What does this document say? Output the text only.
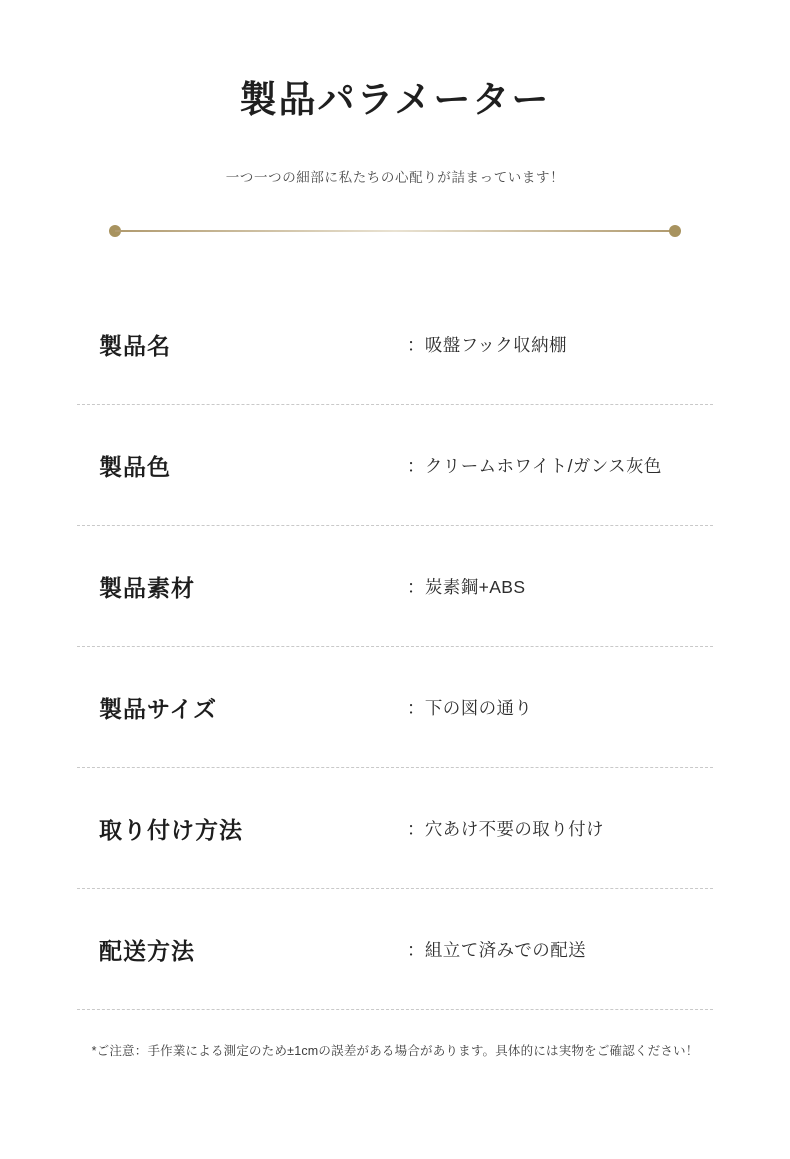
製品パラメーター
一つ一つの細部に私たちの心配りが詰まっています！
製品名	：吸盤フック収納棚
製品色	：クリームホワイト/ガンス灰色
製品素材	：炭素鋼+ABS
製品サイズ	：下の図の通り
取り付け方法	：穴あけ不要の取り付け
配送方法	：組立て済みでの配送
*ご注意：手作業による測定のため±1cmの誤差がある場合があります。具体的には実物をご確認ください！
